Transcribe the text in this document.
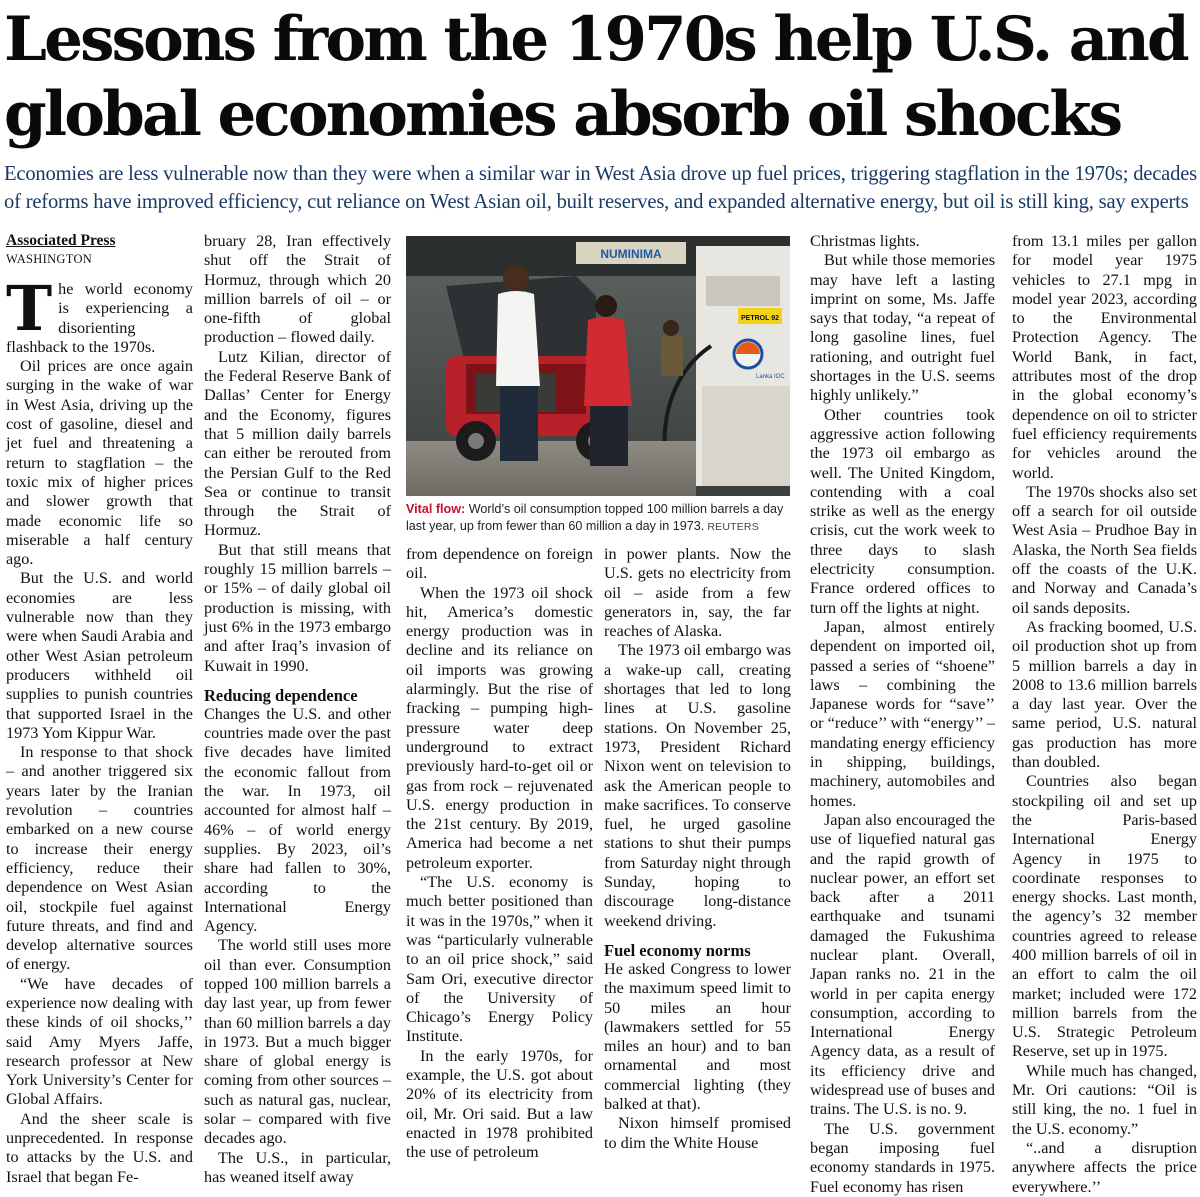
Lessons from the 1970s help U.S. and global economies absorb oil shocks
Economies are less vulnerable now than they were when a similar war in West Asia drove up fuel prices, triggering stagflation in the 1970s; decades of reforms have improved efficiency, cut reliance on West Asian oil, built reserves, and expanded alternative energy, but oil is still king, say experts
Associated Press
WASHINGTON

The world economy is experiencing a disorienting flashback to the 1970s.

Oil prices are once again surging in the wake of war in West Asia, driving up the cost of gasoline, diesel and jet fuel and threatening a return to stagflation – the toxic mix of higher prices and slower growth that made economic life so miserable a half century ago.

But the U.S. and world economies are less vulnerable now than they were when Saudi Arabia and other West Asian petroleum producers withheld oil supplies to punish countries that supported Israel in the 1973 Yom Kippur War.

In response to that shock – and another triggered six years later by the Iranian revolution – countries embarked on a new course to increase their energy efficiency, reduce their dependence on West Asian oil, stockpile fuel against future threats, and find and develop alternative sources of energy.

“We have decades of experience now dealing with these kinds of oil shocks,’’ said Amy Myers Jaffe, research professor at New York University’s Center for Global Affairs.

And the sheer scale is unprecedented. In response to attacks by the U.S. and Israel that began Fe-

bruary 28, Iran effectively shut off the Strait of Hormuz, through which 20 million barrels of oil – or one-fifth of global production – flowed daily.

Lutz Kilian, director of the Federal Reserve Bank of Dallas’ Center for Energy and the Economy, figures that 5 million daily barrels can either be rerouted from the Persian Gulf to the Red Sea or continue to transit through the Strait of Hormuz.

But that still means that roughly 15 million barrels – or 15% – of daily global oil production is missing, with just 6% in the 1973 embargo and after Iraq’s invasion of Kuwait in 1990.

Reducing dependence

Changes the U.S. and other countries made over the past five decades have limited the economic fallout from the war. In 1973, oil accounted for almost half – 46% – of world energy supplies. By 2023, oil’s share had fallen to 30%, according to the International Energy Agency.

The world still uses more oil than ever. Consumption topped 100 million barrels a day last year, up from fewer than 60 million barrels a day in 1973. But a much bigger share of global energy is coming from other sources – such as natural gas, nuclear, solar – compared with five decades ago.

The U.S., in particular, has weaned itself away

NUMINIMA
PETROL 92
Lanka IOC
Vital flow: World’s oil consumption topped 100 million barrels a day last year, up from fewer than 60 million a day in 1973. REUTERS

from dependence on foreign oil.

When the 1973 oil shock hit, America’s domestic energy production was in decline and its reliance on oil imports was growing alarmingly. But the rise of fracking – pumping high-pressure water deep underground to extract previously hard-to-get oil or gas from rock – rejuvenated U.S. energy production in the 21st century. By 2019, America had become a net petroleum exporter.

“The U.S. economy is much better positioned than it was in the 1970s,” when it was “particularly vulnerable to an oil price shock,” said Sam Ori, executive director of the University of Chicago’s Energy Policy Institute.

In the early 1970s, for example, the U.S. got about 20% of its electricity from oil, Mr. Ori said. But a law enacted in 1978 prohibited the use of petroleum

in power plants. Now the U.S. gets no electricity from oil – aside from a few generators in, say, the far reaches of Alaska.

The 1973 oil embargo was a wake-up call, creating shortages that led to long lines at U.S. gasoline stations. On November 25, 1973, President Richard Nixon went on television to ask the American people to make sacrifices. To conserve fuel, he urged gasoline stations to shut their pumps from Saturday night through Sunday, hoping to discourage long-distance weekend driving.

Fuel economy norms

He asked Congress to lower the maximum speed limit to 50 miles an hour (lawmakers settled for 55 miles an hour) and to ban ornamental and most commercial lighting (they balked at that).

Nixon himself promised to dim the White House

Christmas lights.

But while those memories may have left a lasting imprint on some, Ms. Jaffe says that today, “a repeat of long gasoline lines, fuel rationing, and outright fuel shortages in the U.S. seems highly unlikely.”

Other countries took aggressive action following the 1973 oil embargo as well. The United Kingdom, contending with a coal strike as well as the energy crisis, cut the work week to three days to slash electricity consumption. France ordered offices to turn off the lights at night.

Japan, almost entirely dependent on imported oil, passed a series of “shoene” laws – combining the Japanese words for “save’’ or “reduce’’ with “energy’’ – mandating energy efficiency in shipping, buildings, machinery, automobiles and homes.

Japan also encouraged the use of liquefied natural gas and the rapid growth of nuclear power, an effort set back after a 2011 earthquake and tsunami damaged the Fukushima nuclear plant. Overall, Japan ranks no. 21 in the world in per capita energy consumption, according to International Energy Agency data, as a result of its efficiency drive and widespread use of buses and trains. The U.S. is no. 9.

The U.S. government began imposing fuel economy standards in 1975. Fuel economy has risen

from 13.1 miles per gallon for model year 1975 vehicles to 27.1 mpg in model year 2023, according to the Environmental Protection Agency. The World Bank, in fact, attributes most of the drop in the global economy’s dependence on oil to stricter fuel efficiency requirements for vehicles around the world.

The 1970s shocks also set off a search for oil outside West Asia – Prudhoe Bay in Alaska, the North Sea fields off the coasts of the U.K. and Norway and Canada’s oil sands deposits.

As fracking boomed, U.S. oil production shot up from 5 million barrels a day in 2008 to 13.6 million barrels a day last year. Over the same period, U.S. natural gas production has more than doubled.

Countries also began stockpiling oil and set up the Paris-based International Energy Agency in 1975 to coordinate responses to energy shocks. Last month, the agency’s 32 member countries agreed to release 400 million barrels of oil in an effort to calm the oil market; included were 172 million barrels from the U.S. Strategic Petroleum Reserve, set up in 1975.

While much has changed, Mr. Ori cautions: “Oil is still king, the no. 1 fuel in the U.S. economy.”

“..and a disruption anywhere affects the price everywhere.’’
